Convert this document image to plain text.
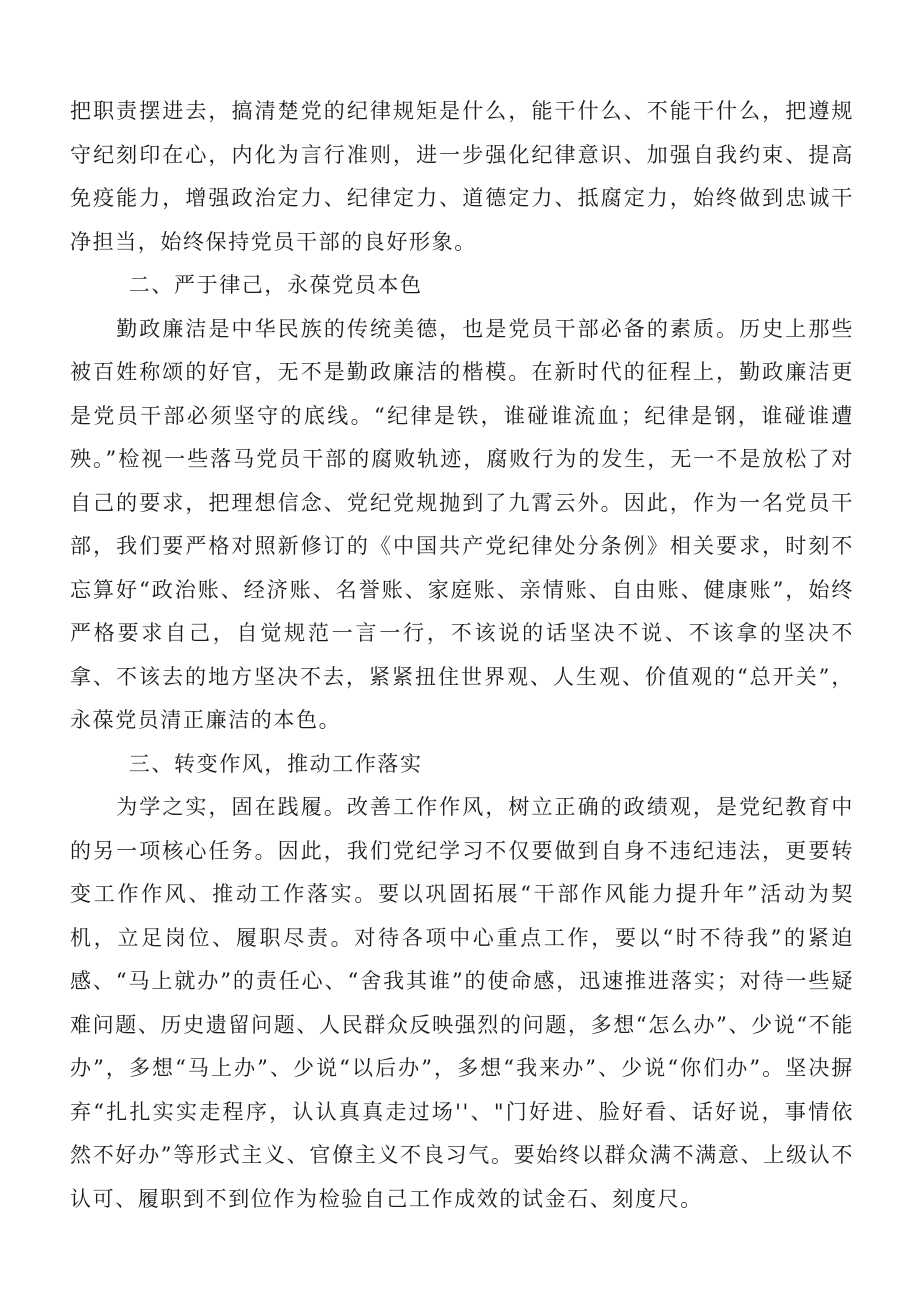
把职责摆进去，搞清楚党的纪律规矩是什么，能干什么、不能干什么，把遵规守纪刻印在心，内化为言行准则，进一步强化纪律意识、加强自我约束、提高免疫能力，增强政治定力、纪律定力、道德定力、抵腐定力，始终做到忠诚干净担当，始终保持党员干部的良好形象。

二、严于律己，永葆党员本色

勤政廉洁是中华民族的传统美德，也是党员干部必备的素质。历史上那些被百姓称颂的好官，无不是勤政廉洁的楷模。在新时代的征程上，勤政廉洁更是党员干部必须坚守的底线。“纪律是铁，谁碰谁流血；纪律是钢，谁碰谁遭殃。”检视一些落马党员干部的腐败轨迹，腐败行为的发生，无一不是放松了对自己的要求，把理想信念、党纪党规抛到了九霄云外。因此，作为一名党员干部，我们要严格对照新修订的《中国共产党纪律处分条例》相关要求，时刻不忘算好“政治账、经济账、名誉账、家庭账、亲情账、自由账、健康账”，始终严格要求自己，自觉规范一言一行，不该说的话坚决不说、不该拿的坚决不拿、不该去的地方坚决不去，紧紧扭住世界观、人生观、价值观的“总开关”，永葆党员清正廉洁的本色。

三、转变作风，推动工作落实

为学之实，固在践履。改善工作作风，树立正确的政绩观，是党纪教育中的另一项核心任务。因此，我们党纪学习不仅要做到自身不违纪违法，更要转变工作作风、推动工作落实。要以巩固拓展“干部作风能力提升年”活动为契机，立足岗位、履职尽责。对待各项中心重点工作，要以“时不待我”的紧迫感、“马上就办”的责任心、“舍我其谁”的使命感，迅速推进落实；对待一些疑难问题、历史遗留问题、人民群众反映强烈的问题，多想“怎么办”、少说“不能办”，多想“马上办”、少说“以后办”，多想“我来办”、少说“你们办”。坚决摒弃“扎扎实实走程序，认认真真走过场''、"门好进、脸好看、话好说，事情依然不好办”等形式主义、官僚主义不良习气。要始终以群众满不满意、上级认不认可、履职到不到位作为检验自己工作成效的试金石、刻度尺。
